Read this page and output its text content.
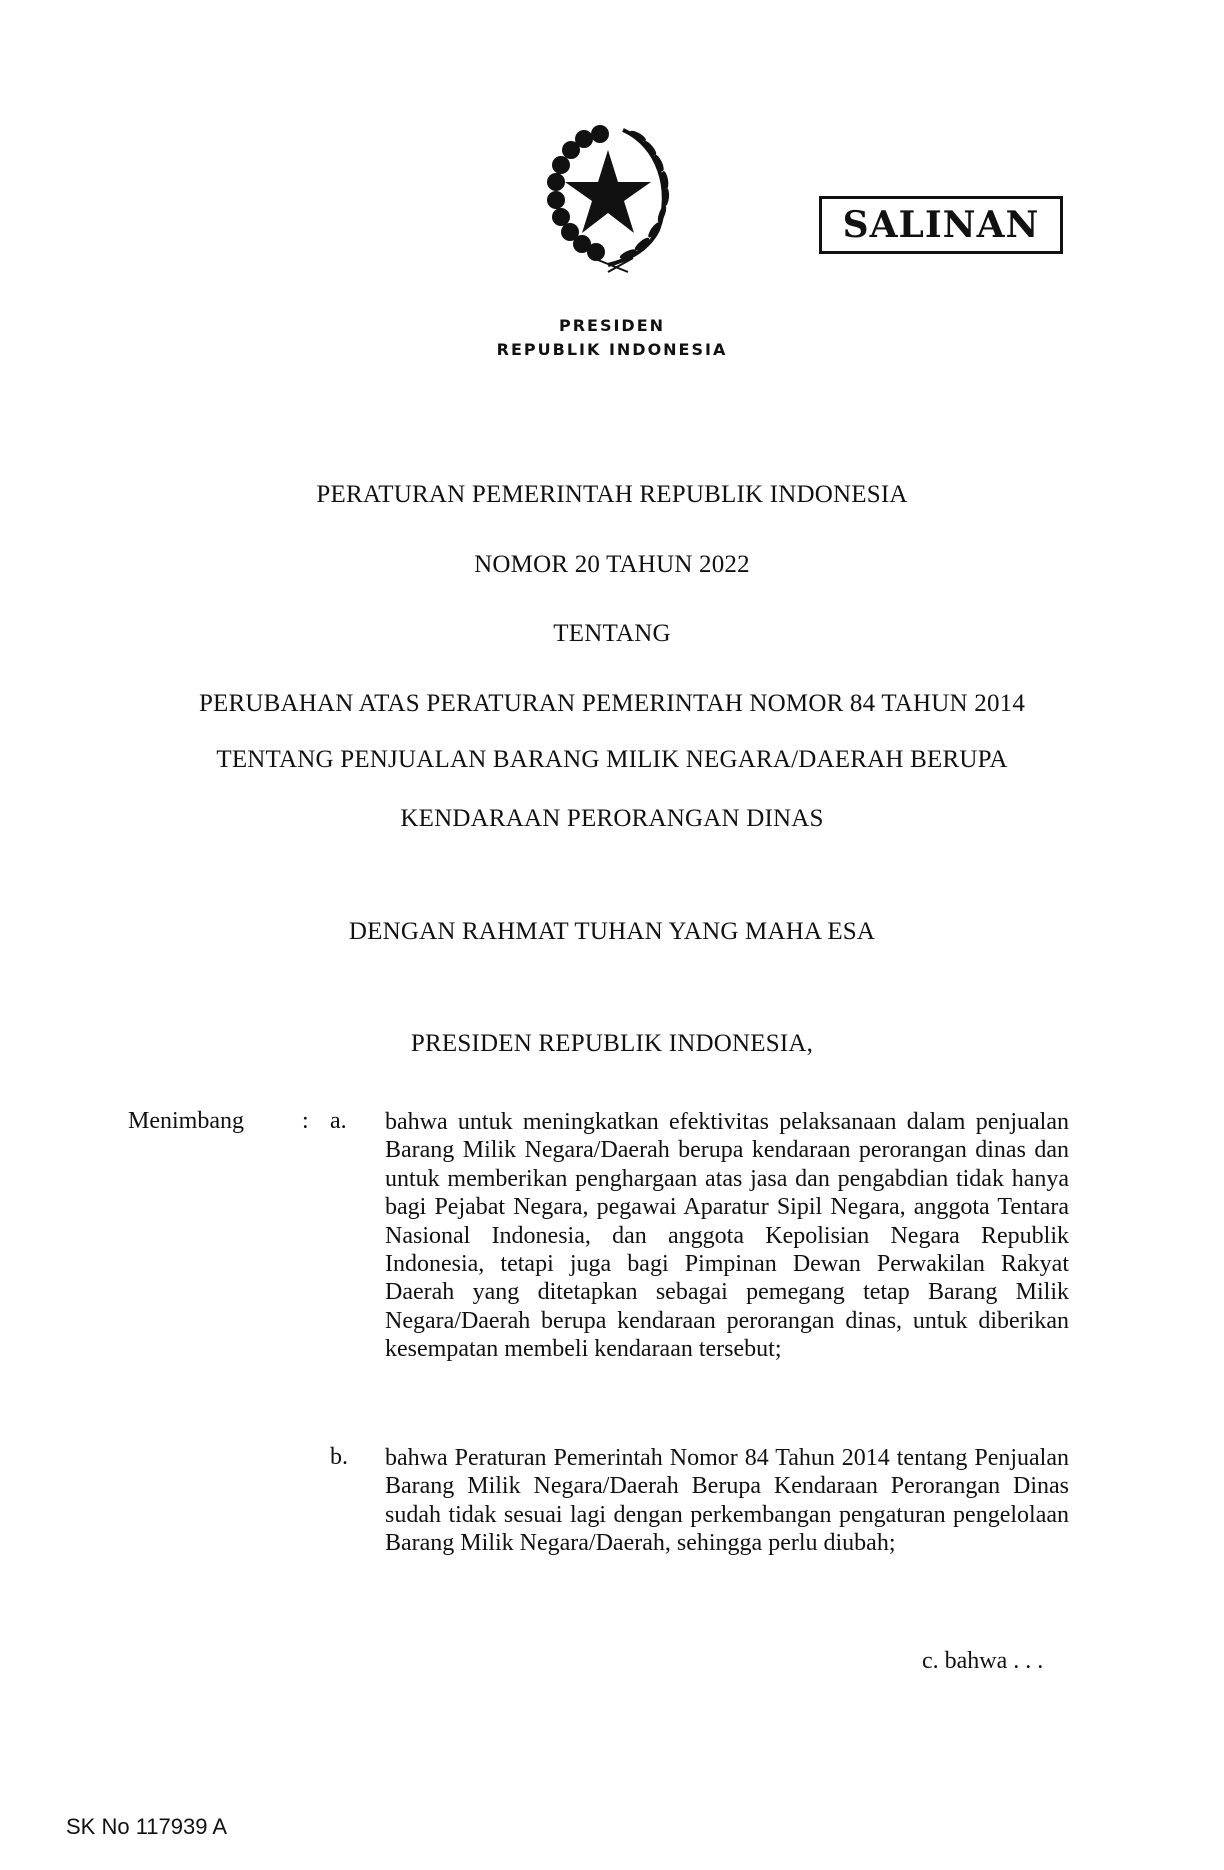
PRESIDEN
REPUBLIK INDONESIA
SALINAN
PERATURAN PEMERINTAH REPUBLIK INDONESIA
NOMOR 20 TAHUN 2022
TENTANG
PERUBAHAN ATAS PERATURAN PEMERINTAH NOMOR 84 TAHUN 2014
TENTANG PENJUALAN BARANG MILIK NEGARA/DAERAH BERUPA
KENDARAAN PERORANGAN DINAS
DENGAN RAHMAT TUHAN YANG MAHA ESA
PRESIDEN REPUBLIK INDONESIA,
Menimbang : a. bahwa untuk meningkatkan efektivitas pelaksanaan dalam penjualan Barang Milik Negara/Daerah berupa kendaraan perorangan dinas dan untuk memberikan penghargaan atas jasa dan pengabdian tidak hanya bagi Pejabat Negara, pegawai Aparatur Sipil Negara, anggota Tentara Nasional Indonesia, dan anggota Kepolisian Negara Republik Indonesia, tetapi juga bagi Pimpinan Dewan Perwakilan Rakyat Daerah yang ditetapkan sebagai pemegang tetap Barang Milik Negara/Daerah berupa kendaraan perorangan dinas, untuk diberikan kesempatan membeli kendaraan tersebut;
b. bahwa Peraturan Pemerintah Nomor 84 Tahun 2014 tentang Penjualan Barang Milik Negara/Daerah Berupa Kendaraan Perorangan Dinas sudah tidak sesuai lagi dengan perkembangan pengaturan pengelolaan Barang Milik Negara/Daerah, sehingga perlu diubah;
c. bahwa . . .
SK No 117939 A
